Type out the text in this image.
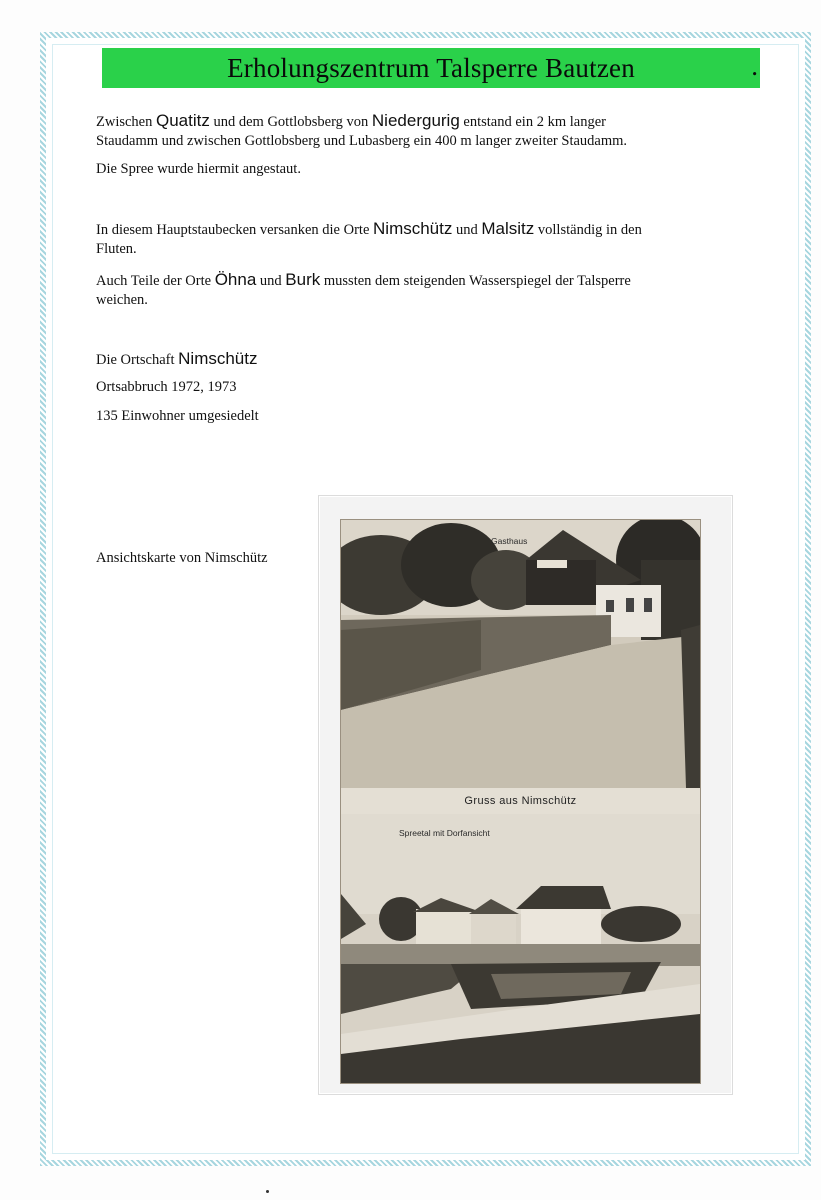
Erholungszentrum Talsperre Bautzen	.
Zwischen Quatitz und dem Gottlobsberg von Niedergurig entstand ein 2 km langer
Staudamm und zwischen Gottlobsberg und Lubasberg ein 400 m langer zweiter Staudamm.
Die Spree wurde hiermit angestaut.
In diesem Hauptstaubecken versanken die Orte Nimschütz und Malsitz vollständig in den
Fluten.
Auch Teile der Orte Öhna und Burk mussten dem steigenden Wasserspiegel der Talsperre
weichen.
Die Ortschaft Nimschütz
Ortsabbruch 1972, 1973
135 Einwohner umgesiedelt
Ansichtskarte von Nimschütz
Gasthaus
Gruss aus Nimschütz
Spreetal mit Dorfansicht
